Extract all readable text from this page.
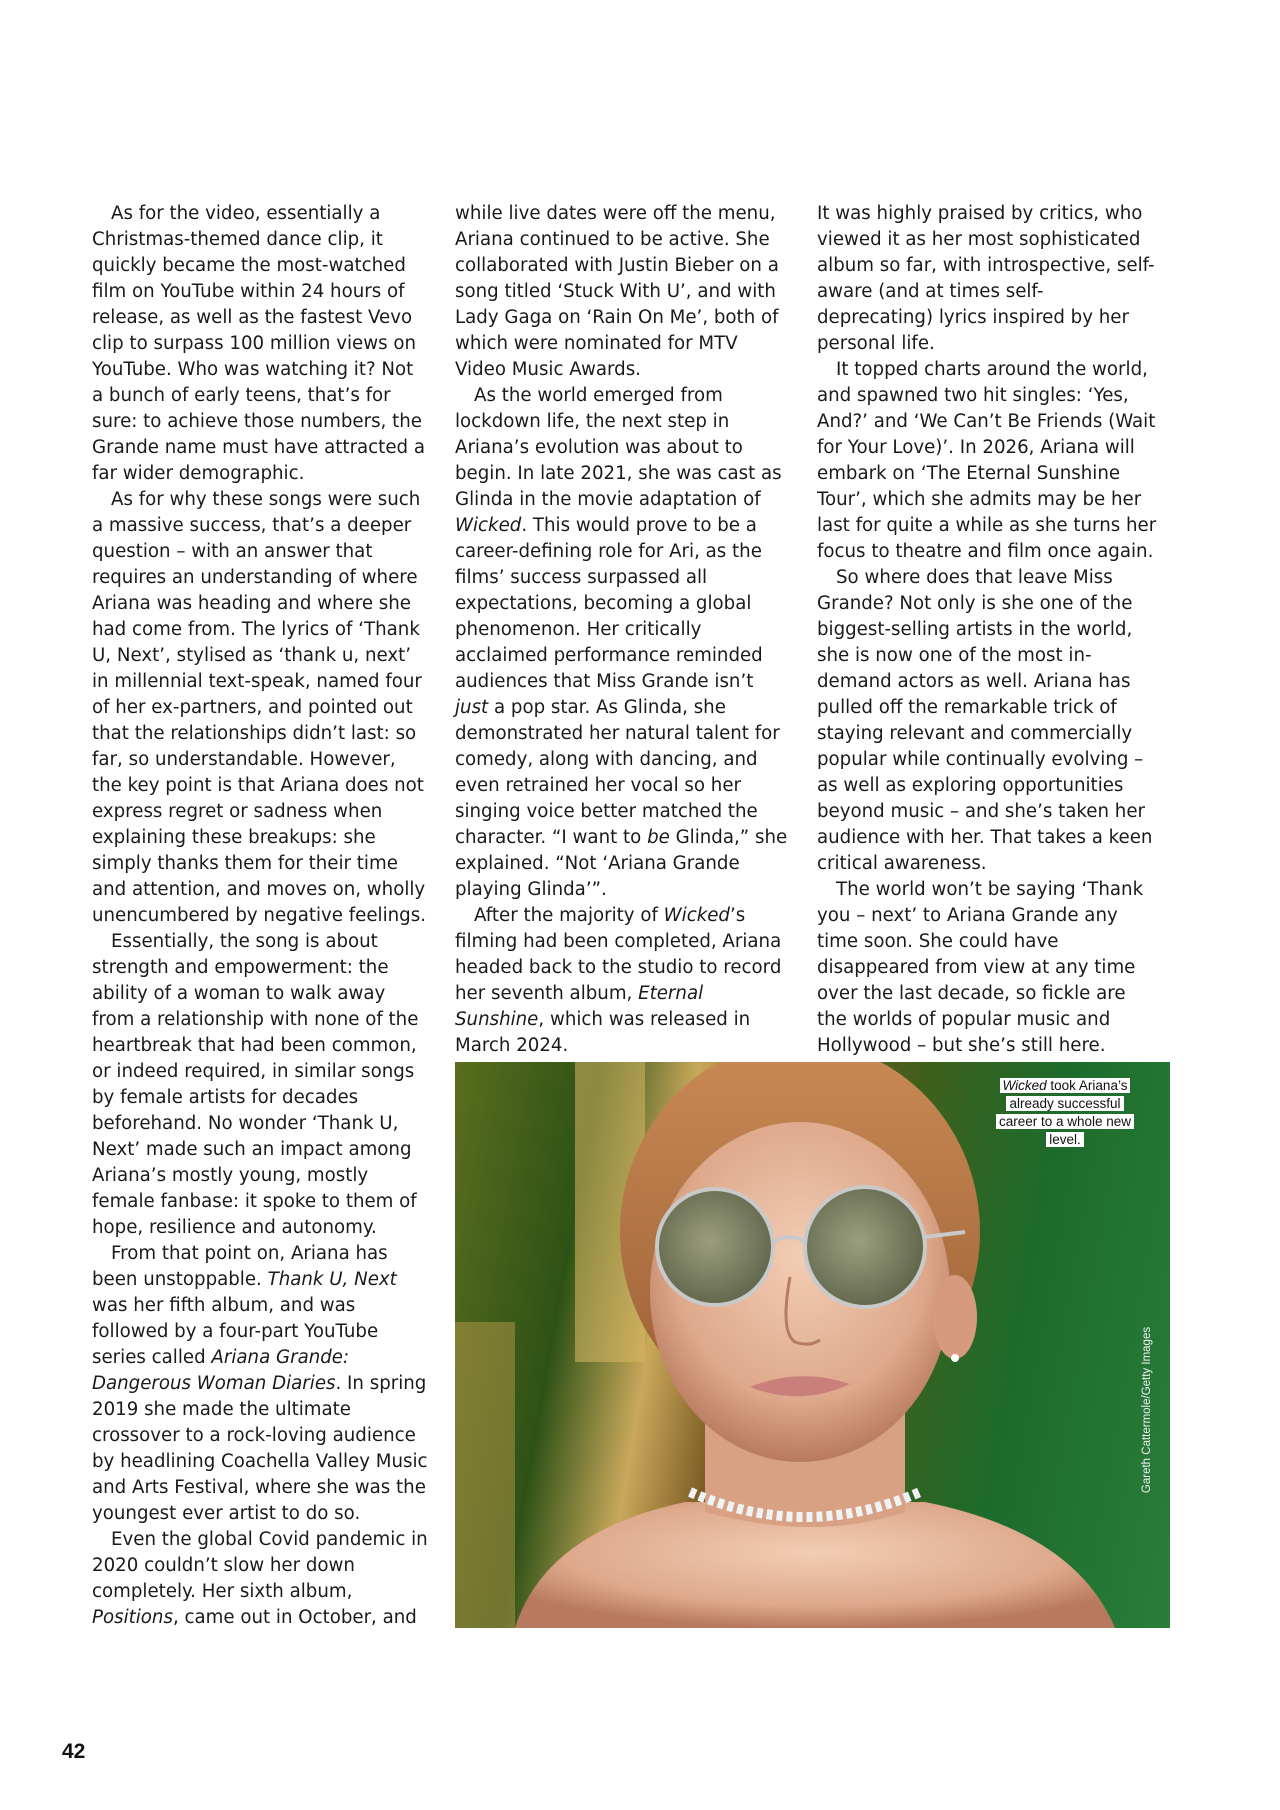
As for the video, essentially a Christmas-themed dance clip, it quickly became the most-watched film on YouTube within 24 hours of release, as well as the fastest Vevo clip to surpass 100 million views on YouTube. Who was watching it? Not a bunch of early teens, that’s for sure: to achieve those numbers, the Grande name must have attracted a far wider demographic.

As for why these songs were such a massive success, that’s a deeper question – with an answer that requires an understanding of where Ariana was heading and where she had come from. The lyrics of ‘Thank U, Next’, stylised as ‘thank u, next’ in millennial text-speak, named four of her ex-partners, and pointed out that the relationships didn’t last: so far, so understandable. However, the key point is that Ariana does not express regret or sadness when explaining these breakups: she simply thanks them for their time and attention, and moves on, wholly unencumbered by negative feelings.

Essentially, the song is about strength and empowerment: the ability of a woman to walk away from a relationship with none of the heartbreak that had been common, or indeed required, in similar songs by female artists for decades beforehand. No wonder ‘Thank U, Next’ made such an impact among Ariana’s mostly young, mostly female fanbase: it spoke to them of hope, resilience and autonomy.

From that point on, Ariana has been unstoppable. Thank U, Next was her fifth album, and was followed by a four-part YouTube series called Ariana Grande: Dangerous Woman Diaries. In spring 2019 she made the ultimate crossover to a rock-loving audience by headlining Coachella Valley Music and Arts Festival, where she was the youngest ever artist to do so.

Even the global Covid pandemic in 2020 couldn’t slow her down completely. Her sixth album, Positions, came out in October, and

while live dates were off the menu, Ariana continued to be active. She collaborated with Justin Bieber on a song titled ‘Stuck With U’, and with Lady Gaga on ‘Rain On Me’, both of which were nominated for MTV Video Music Awards.

As the world emerged from lockdown life, the next step in Ariana’s evolution was about to begin. In late 2021, she was cast as Glinda in the movie adaptation of Wicked. This would prove to be a career-defining role for Ari, as the films’ success surpassed all expectations, becoming a global phenomenon. Her critically acclaimed performance reminded audiences that Miss Grande isn’t just a pop star. As Glinda, she demonstrated her natural talent for comedy, along with dancing, and even retrained her vocal so her singing voice better matched the character. “I want to be Glinda,” she explained. “Not ‘Ariana Grande playing Glinda’”.

After the majority of Wicked’s filming had been completed, Ariana headed back to the studio to record her seventh album, Eternal Sunshine, which was released in March 2024.

It was highly praised by critics, who viewed it as her most sophisticated album so far, with introspective, self-aware (and at times self-deprecating) lyrics inspired by her personal life.

It topped charts around the world, and spawned two hit singles: ‘Yes, And?’ and ‘We Can’t Be Friends (Wait for Your Love)’. In 2026, Ariana will embark on ‘The Eternal Sunshine Tour’, which she admits may be her last for quite a while as she turns her focus to theatre and film once again.

So where does that leave Miss Grande? Not only is she one of the biggest-selling artists in the world, she is now one of the most in-demand actors as well. Ariana has pulled off the remarkable trick of staying relevant and commercially popular while continually evolving – as well as exploring opportunities beyond music – and she’s taken her audience with her. That takes a keen critical awareness.

The world won’t be saying ‘Thank you – next’ to Ariana Grande any time soon. She could have disappeared from view at any time over the last decade, so fickle are the worlds of popular music and Hollywood – but she’s still here.

Wicked took Ariana’s already successful career to a whole new level.
Gareth Cattermole/Getty Images
42
